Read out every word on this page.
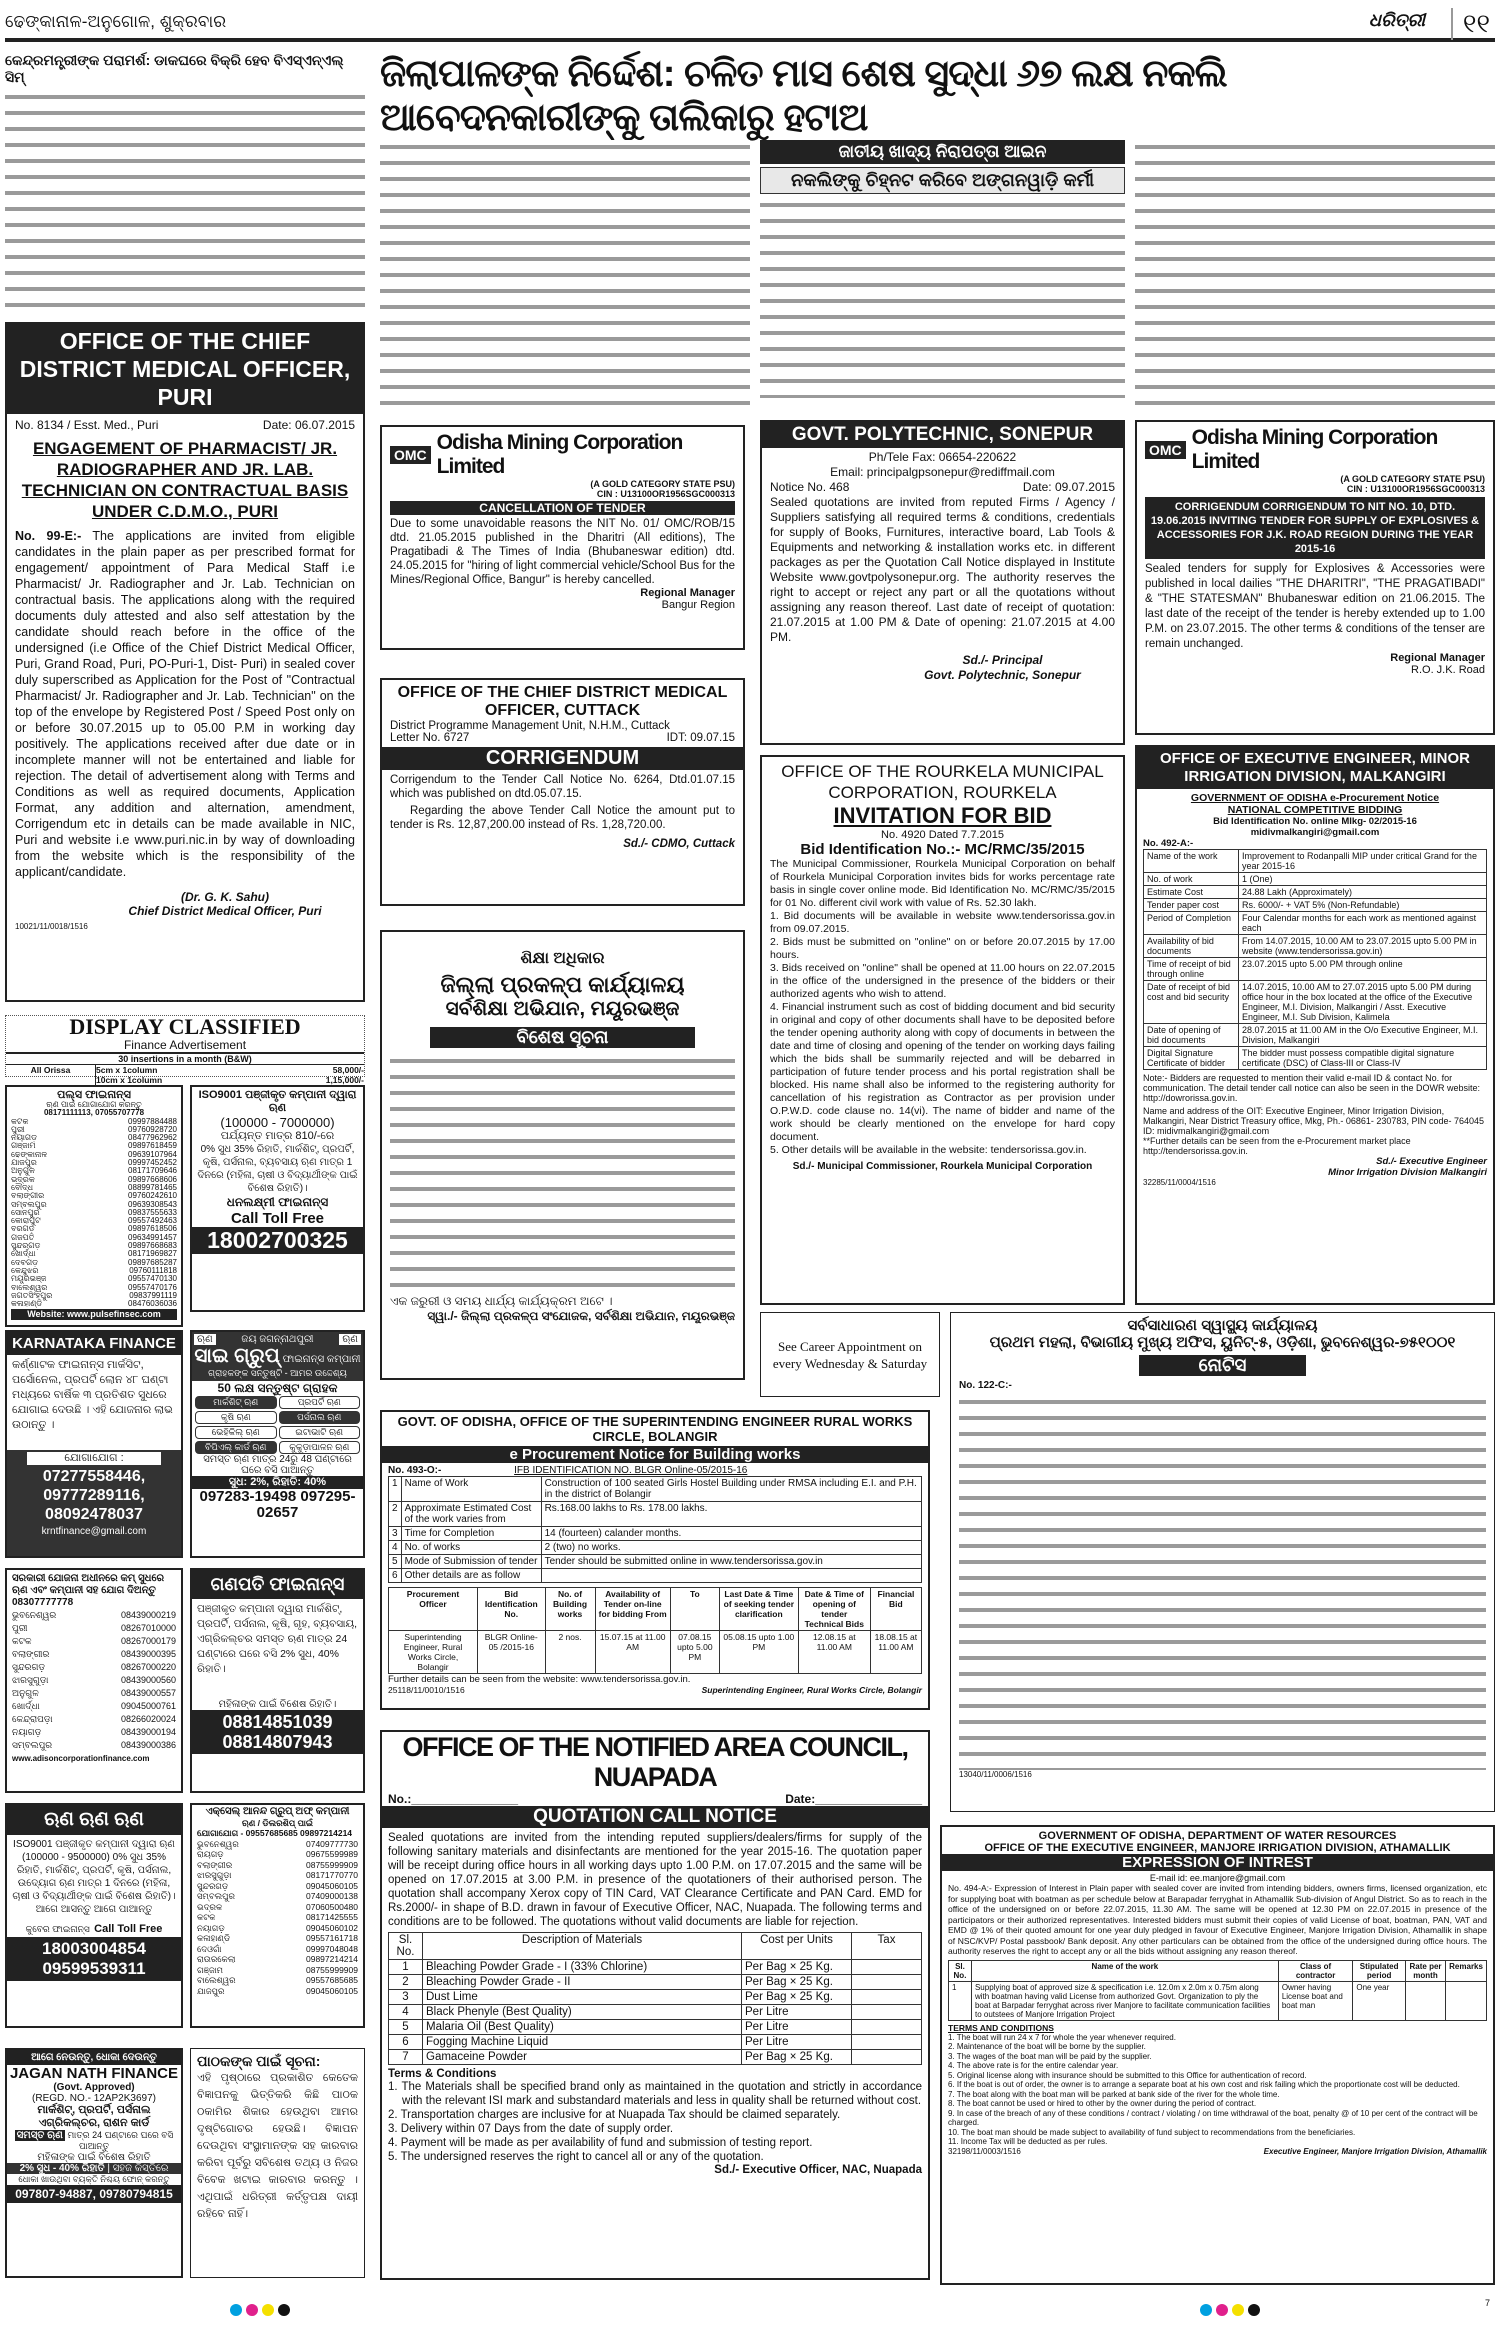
ଢେଙ୍କାନାଳ-ଅନୁଗୋଳ, ଶୁକ୍ରବାର	ଧରିତ୍ରୀ	୧୧
କେନ୍ଦ୍ରମନ୍ତ୍ରୀଙ୍କ ପରାମର୍ଶ: ଡାକଘରେ ବିକ୍ରି ହେବ ବିଏସ୍ଏନ୍ଏଲ୍ ସିମ୍	ଜିଲାପାଳଙ୍କ ନିର୍ଦ୍ଦେଶ: ଚଳିତ ମାସ ଶେଷ ସୁଦ୍ଧା ୬୭ ଲକ୍ଷ ନକଲି ଆବେଦନକାରୀଙ୍କୁ ତାଲିକାରୁ ହଟାଅ
ଜାତୀୟ ଖାଦ୍ୟ ନିରାପତ୍ତା ଆଇନ
ନକଲିଙ୍କୁ ଚିହ୍ନଟ କରିବେ ଅଙ୍ଗନୱାଡ଼ି କର୍ମୀ
OFFICE OF THE CHIEF DISTRICT MEDICAL OFFICER, PURI
No. 8134 / Esst. Med., Puri	Date: 06.07.2015
ENGAGEMENT OF PHARMACIST/ JR. RADIOGRAPHER AND JR. LAB. TECHNICIAN ON CONTRACTUAL BASIS UNDER C.D.M.O., PURI
No. 99-E:- The applications are invited from eligible candidates in the plain paper as per prescribed format for engagement/ appointment of Para Medical Staff i.e Pharmacist/ Jr. Radiographer and Jr. Lab. Technician on contractual basis. The applications along with the required documents duly attested and also self attestation by the candidate should reach before in the office of the undersigned (i.e Office of the Chief District Medical Officer, Puri, Grand Road, Puri, PO-Puri-1, Dist- Puri) in sealed cover duly superscribed as Application for the Post of "Contractual Pharmacist/ Jr. Radiographer and Jr. Lab. Technician" on the top of the envelope by Registered Post / Speed Post only on or before 30.07.2015 up to 05.00 P.M in working day positively. The applications received after due date or in incomplete manner will not be entertained and liable for rejection. The detail of advertisement along with Terms and Conditions as well as required documents, Application Format, any addition and alternation, amendment, Corrigendum etc in details can be made available in NIC, Puri and website i.e www.puri.nic.in by way of downloading from the website which is the responsibility of the applicant/candidate.
(Dr. G. K. Sahu)
Chief District Medical Officer, Puri
10021/11/0018/1516
OMC
Odisha Mining Corporation Limited
(A GOLD CATEGORY STATE PSU)
CIN : U13100OR1956SGC000313
CANCELLATION OF TENDER
Due to some unavoidable reasons the NIT No. 01/ OMC/ROB/15 dtd. 21.05.2015 published in the Dharitri (All editions), The Pragatibadi & The Times of India (Bhubaneswar edition) dtd. 24.05.2015 for "hiring of light commercial vehicle/School Bus for the Mines/Regional Office, Bangur" is hereby cancelled.
Regional Manager
Bangur Region
OFFICE OF THE CHIEF DISTRICT MEDICAL OFFICER, CUTTACK
District Programme Management Unit, N.H.M., Cuttack
Letter No. 6727	IDT: 09.07.15
CORRIGENDUM
Corrigendum to the Tender Call Notice No. 6264, Dtd.01.07.15 which was published on dtd.05.07.15.
Regarding the above Tender Call Notice the amount put to tender is Rs. 12,87,200.00 instead of Rs. 1,28,720.00.
Sd./- CDMO, Cuttack
ଶିକ୍ଷା ଅଧିକାର
ଜିଲ୍ଲା ପ୍ରକଳ୍ପ କାର୍ଯ୍ୟାଳୟ
ସର୍ବଶିକ୍ଷା ଅଭିଯାନ, ମୟୂରଭଞ୍ଜ
ବିଶେଷ ସୂଚନା
ଏକ ଜରୁରୀ ଓ ସମୟ ଧାର୍ଯ୍ୟ କାର୍ଯ୍ୟକ୍ରମ ଅଟେ ।
ସ୍ୱା./- ଜିଲ୍ଲା ପ୍ରକଳ୍ପ ସଂଯୋଜକ, ସର୍ବଶିକ୍ଷା ଅଭିଯାନ, ମୟୂରଭଞ୍ଜ
GOVT. POLYTECHNIC, SONEPUR
Ph/Tele Fax: 06654-220622
Email: principalgpsonepur@rediffmail.com
Notice No. 468	Date: 09.07.2015
Sealed quotations are invited from reputed Firms / Agency / Suppliers satisfying all required terms & conditions, credentials for supply of Books, Furnitures, interactive board, Lab Tools & Equipments and networking & installation works etc. in different packages as per the Quotation Call Notice displayed in Institute Website www.govtpolysonepur.org. The authority reserves the right to accept or reject any part or all the quotations without assigning any reason thereof. Last date of receipt of quotation: 21.07.2015 at 1.00 PM & Date of opening: 21.07.2015 at 4.00 PM.
Sd./- Principal
Govt. Polytechnic, Sonepur
OMC
Odisha Mining Corporation Limited
(A GOLD CATEGORY STATE PSU)
CIN : U13100OR1956SGC000313
CORRIGENDUM CORRIGENDUM TO NIT NO. 10, DTD. 19.06.2015 INVITING TENDER FOR SUPPLY OF EXPLOSIVES & ACCESSORIES FOR J.K. ROAD REGION DURING THE YEAR 2015-16
Sealed tenders for supply for Explosives & Accessories were published in local dailies "THE DHARITRI", "THE PRAGATIBADI" & "THE STATESMAN" Bhubaneswar edition on 21.06.2015. The last date of the receipt of the tender is hereby extended up to 1.00 P.M. on 23.07.2015. The other terms & conditions of the tenser are remain unchanged.
Regional Manager
R.O. J.K. Road
OFFICE OF THE ROURKELA MUNICIPAL CORPORATION, ROURKELA
INVITATION FOR BID
No. 4920 Dated 7.7.2015
Bid Identification No.:- MC/RMC/35/2015
The Municipal Commissioner, Rourkela Municipal Corporation on behalf of Rourkela Municipal Corporation invites bids for works percentage rate basis in single cover online mode. Bid Identification No. MC/RMC/35/2015 for 01 No. different civil work with value of Rs. 52.30 lakh.
1. Bid documents will be available in website www.tendersorissa.gov.in from 09.07.2015.
2. Bids must be submitted on "online" on or before 20.07.2015 by 17.00 hours.
3. Bids received on "online" shall be opened at 11.00 hours on 22.07.2015 in the office of the undersigned in the presence of the bidders or their authorized agents who wish to attend.
4. Financial instrument such as cost of bidding document and bid security in original and copy of other documents shall have to be deposited before the tender opening authority along with copy of documents in between the date and time of closing and opening of the tender on working days failing which the bids shall be summarily rejected and will be debarred in participation of future tender process and his portal registration shall be blocked. His name shall also be informed to the registering authority for cancellation of his registration as Contractor as per provision under O.P.W.D. code clause no. 14(vi). The name of bidder and name of the work should be clearly mentioned on the envelope for hard copy document.
5. Other details will be available in the website: tendersorissa.gov.in.
Sd./- Municipal Commissioner, Rourkela Municipal Corporation
OFFICE OF EXECUTIVE ENGINEER, MINOR IRRIGATION DIVISION, MALKANGIRI
GOVERNMENT OF ODISHA e-Procurement Notice
NATIONAL COMPETITIVE BIDDING
Bid Identification No. online Mlkg- 02/2015-16
midivmalkangiri@gmail.com
No. 492-A:-
Name of the work	Improvement to Rodanpalli MIP under critical Grand for the year 2015-16
No. of work	1 (One)
Estimate Cost	24.88 Lakh (Approximately)
Tender paper cost	Rs. 6000/- + VAT 5% (Non-Refundable)
Period of Completion	Four Calendar months for each work as mentioned against each
Availability of bid documents	From 14.07.2015, 10.00 AM to 23.07.2015 upto 5.00 PM in website (www.tendersorissa.gov.in)
Time of receipt of bid through online	23.07.2015 upto 5.00 PM through online
Date of receipt of bid cost and bid security	14.07.2015, 10.00 AM to 27.07.2015 upto 5.00 PM during office hour in the box located at the office of the Executive Engineer, M.I. Division, Malkangiri / Asst. Executive Engineer, M.I. Sub Division, Kalimela
Date of opening of bid documents	28.07.2015 at 11.00 AM in the O/o Executive Engineer, M.I. Division, Malkangiri
Digital Signature Certificate of bidder	The bidder must possess compatible digital signature certificate (DSC) of Class-III or Class-IV
Note:- Bidders are requested to mention their valid e-mail ID & contact No. for communication. The detail tender call notice can also be seen in the DOWR website: http://dowrorissa.gov.in.
Name and address of the OIT: Executive Engineer, Minor Irrigation Division, Malkangiri, Near District Treasury office, Mkg, Ph.- 06861- 230783, PIN code- 764045 ID: midivmalkangiri@gmail.com
**Further details can be seen from the e-Procurement market place http://tendersorissa.gov.in.
Sd./- Executive Engineer
Minor Irrigation Division Malkangiri
32285/11/0004/1516
DISPLAY CLASSIFIED
Finance Advertisement
30 insertions in a month (B&W)
All Orissa	5cm x 1column	58,000/-
10cm x 1column	1,15,000/-
ପଲ୍‌ସ ଫାଇନାନ୍ସ
ଋଣ ପାଇଁ ଯୋଗାଯୋଗ କରନ୍ତୁ
08171111113, 07055707778
କଟକ	09997884488
ପୁରୀ	09760928720
ନୟାଗଡ଼	08477962962
ଗଞ୍ଜାମ	09897618459
ଢେଙ୍କାନାଳ	09639107964
ଯାଜପୁର	09997452452
ଅନୁଗୁଳ	08171709646
ଭଦ୍ରକ	09897668606
ବୌଦ୍ଧ	08899781465
ବଲାଙ୍ଗୀର	09760242610
ସମ୍ବଲପୁର	09639308543
ସୋନପୁର	09837555633
କୋରାପୁଟ	09557492463
ବରଗଡ଼	09897618506
ଗଜପତି	09634991457
ସୁନ୍ଦରଗଡ଼	09897668683
ଖୋର୍ଦ୍ଧା	08171969827
ଦେବଗଡ଼	09897685287
କେନ୍ଦୁଝର	09760111818
ମୟୂରଭଞ୍ଜ	09557470130
ବାଲେଶ୍ୱର	09557470176
ଜଗତସିଂହପୁର	09837991119
କଳାହାଣ୍ଡି	08476036036
Website: www.pulsefinsec.com
ISO9001 ପଞ୍ଜୀକୃତ କମ୍ପାନୀ ଦ୍ୱାରା ଋଣ
(100000 - 7000000)
ପର୍ଯ୍ୟନ୍ତ ମାତ୍ର 810/-ରେ
0% ସୁଧ 35% ରିହାତି, ମାର୍କଶିଟ୍, ପ୍ରପର୍ଟି, କୃଷି, ପର୍ସନାଲ, ବ୍ୟବସାୟ ଋଣ ମାତ୍ର 1 ଦିନରେ (ମହିଳା, ଚାଷୀ ଓ ବିଦ୍ୟାର୍ଥୀଙ୍କ ପାଇଁ ବିଶେଷ ରିହାତି)।
ଧନଲକ୍ଷ୍ମୀ ଫାଇନାନ୍ସ
Call Toll Free
18002700325
KARNATAKA FINANCE
କର୍ଣ୍ଣାଟକ ଫାଇନାନ୍ସ ମାର୍କସିଟ, ପର୍ସୋନେଲ, ପ୍ରପର୍ଟି ଲୋନ ୪୮ ଘଣ୍ଟା ମଧ୍ୟରେ ବାର୍ଷିକ ୩ ପ୍ରତିଶତ ସୁଧରେ ଯୋଗାଇ ଦେଉଛି । ଏହି ଯୋଜନାର ଲାଭ ଉଠାନ୍ତୁ ।
ଯୋଗାଯୋଗ :
07277558446, 09777289116, 08092478037
krntfinance@gmail.com
ଋଣ	ଜୟ ଜଗନ୍ନାଥପୁରୀ	ଋଣ
ସାଇ ଗ୍ରୁପ୍ ଫାଇନାନ୍ସ କମ୍ପାନୀ
ଗ୍ରାହକଙ୍କ ସନ୍ତୁଷ୍ଟି - ଆମର ଉଦ୍ଦେଶ୍ୟ
50 ଲକ୍ଷ ସନ୍ତୁଷ୍ଟ ଗ୍ରାହକ
ମାର୍କଶିଟ୍ ଋଣ	ପ୍ରପର୍ଟି ଋଣ
କୃଷି ଋଣ	ପର୍ସନାଲ ଋଣ
ଭେହିକିଲ୍ ଋଣ	ଇଟାଭାଟି ଋଣ
ବିପିଏଲ୍ କାର୍ଡ ଋଣ	କୁକୁଡ଼ାପାଳନ ଋଣ
ସମସ୍ତ ଋଣ ମାତ୍ର 24ରୁ 48 ଘଣ୍ଟାରେ ଘରେ ବସି ପାଆନ୍ତୁ
ସୁଧ: 2%, ରିହାତି: 40%
097283-19498 097295-02657
ସରକାରୀ ଯୋଜନା ଅଧୀନରେ କମ୍ ସୁଧରେ ଋଣ ଏବଂ କମ୍ପାନୀ ସହ ଯୋଗ ଦିଅନ୍ତୁ 08307777778
ଭୁବନେଶ୍ୱର	08439000219
ପୁରୀ	08267010000
କଟକ	08267000179
ବଲାଙ୍ଗୀର	08439000395
ସୁନ୍ଦରଗଡ଼	08267000220
ଝାରସୁଗୁଡ଼ା	08439000560
ଅନୁଗୁଳ	08439000557
ଖୋର୍ଦ୍ଧା	09045000761
କେନ୍ଦ୍ରାପଡ଼ା	08266020024
ନୟାଗଡ଼	08439000194
ସମ୍ବଲପୁର	08439000386
www.adisoncorporationfinance.com
ଗଣପତି ଫାଇନାନ୍ସ
ପଞ୍ଜୀକୃତ କମ୍ପାନୀ ଦ୍ୱାରା ମାର୍କଶିଟ୍, ପ୍ରପର୍ଟି, ପର୍ସନାଲ, କୃଷି, ଗୃହ, ବ୍ୟବସାୟ, ଏଗ୍ରିକଲ୍ଚର ସମସ୍ତ ଋଣ ମାତ୍ର 24 ଘଣ୍ଟାରେ ଘରେ ବସି 2% ସୁଧ, 40% ରିହାତି।
ମହିଳାଙ୍କ ପାଇଁ ବିଶେଷ ରିହାତି।
08814851039 08814807943
ଋଣ ଋଣ ଋଣ
ISO9001 ପଞ୍ଜୀକୃତ କମ୍ପାନୀ ଦ୍ୱାରା ଋଣ (100000 - 9500000) 0% ସୁଧ 35% ରିହାତି, ମାର୍କଶିଟ୍, ପ୍ରପର୍ଟି, କୃଷି, ପର୍ସନାଲ, ଉଦ୍ୟୋଗ ଋଣ ମାତ୍ର 1 ଦିନରେ (ମହିଳା, ଚାଷୀ ଓ ବିଦ୍ୟାର୍ଥୀଙ୍କ ପାଇଁ ବିଶେଷ ରିହାତି)। ଆଗେ ଆସନ୍ତୁ ଆଗେ ପାଆନ୍ତୁ
କୁବେର ଫାଇନାନ୍ସ Call Toll Free
18003004854 09599539311
ଏକ୍ସେଲ୍ ଆନନ୍ଦ ଗ୍ରୁପ୍ ଅଫ୍ କମ୍ପାନୀ
ଋଣ / ଡିଲରଶିପ୍ ପାଇଁ
ଯୋଗାଯୋଗ - 09557685685 09897214214
ଭୁବନେଶ୍ୱର	07409777730
ରାୟଗଡ଼	09675599989
ବଲାଙ୍ଗୀର	08755999909
ଝାରସୁଗୁଡ଼ା	08171770770
ସୁନ୍ଦରଗଡ଼	09045060105
ସମ୍ବଲପୁର	07409000138
ଭଦ୍ରକ	07060500480
କଟକ	08171425555
ନୟାଗଡ଼	09045060102
କଳାହାଣ୍ଡି	09557161718
ଦେଓଗାଁ	09997048048
ରାଉରକେଲା	09897214214
ଗଞ୍ଜାମ	08755999909
ବାଲେଶ୍ୱର	09557685685
ଯାଜପୁର	09045060105
ଆଗେ ନେଉନ୍ତୁ, ଧୋକା ଦେଉନ୍ତୁ
JAGAN NATH FINANCE
(Govt. Approved)
(REGD. NO.- 12AP2K3697)
ମାର୍କଶିଟ୍, ପ୍ରପର୍ଟି, ପର୍ସନାଲ ଏଗ୍ରିକଲ୍ଚର, ରାଶନ କାର୍ଡ
ସମସ୍ତ ଋଣ ମାତ୍ର 24 ଘଣ୍ଟାରେ ଘରେ ବସି ପାଆନ୍ତୁ
ମହିଳାଙ୍କ ପାଇଁ ବିଶେଷ ରିହାତି
2% ସୁଧ - 40% ରିହାତି | ସହଜ କିସ୍ତିରେ
ଧୋକା ଖାଉଥିବା ବ୍ୟକ୍ତି ନିଶ୍ଚୟ ଫୋନ୍ କରନ୍ତୁ
097807-94887, 09780794815
ପାଠକଙ୍କ ପାଇଁ ସୂଚନା:
ଏହି ପୃଷ୍ଠାରେ ପ୍ରକାଶିତ କେତେକ ବିଜ୍ଞାପନକୁ ଭିତ୍ତିକରି କିଛି ପାଠକ ଠକାମିର ଶିକାର ହେଉଥିବା ଆମର ଦୃଷ୍ଟିଗୋଚର ହେଉଛି। ବିଜ୍ଞାପନ ଦେଉଥିବା ସଂସ୍ଥାମାନଙ୍କ ସହ କାରବାର କରିବା ପୂର୍ବରୁ ସବିଶେଷ ତଥ୍ୟ ଓ ନିଜର ବିବେକ ଖଟାଇ କାରବାର କରନ୍ତୁ । ଏଥିପାଇଁ ଧରିତ୍ରୀ କର୍ତ୍ତୃପକ୍ଷ ଦାୟୀ ରହିବେ ନାହିଁ।
See Career Appointment on every Wednesday & Saturday
ସର୍ବସାଧାରଣ ସ୍ୱାସ୍ଥ୍ୟ କାର୍ଯ୍ୟାଳୟ
ପ୍ରଥମ ମହଲା, ବିଭାଗୀୟ ମୁଖ୍ୟ ଅଫିସ, ୟୁନିଟ୍-୫, ଓଡ଼ିଶା, ଭୁବନେଶ୍ୱର-୭୫୧୦୦୧
ନୋଟିସ
No. 122-C:-
13040/11/0006/1516
GOVT. OF ODISHA, OFFICE OF THE SUPERINTENDING ENGINEER RURAL WORKS CIRCLE, BOLANGIR
e Procurement Notice for Building works
No. 493-O:-	IFB IDENTIFICATION NO. BLGR Online-05/2015-16
1	Name of Work	Construction of 100 seated Girls Hostel Building under RMSA including E.I. and P.H. in the district of Bolangir
2	Approximate Estimated Cost of the work varies from	Rs.168.00 lakhs to Rs. 178.00 lakhs.
3	Time for Completion	14 (fourteen) calander months.
4	No. of works	2 (two) no works.
5	Mode of Submission of tender	Tender should be submitted online in www.tendersorissa.gov.in
6	Other details are as follow	
Procurement Officer	Bid Identification No.	No. of Building works	Availability of Tender on-line for bidding From	To	Last Date & Time of seeking tender clarification	Date & Time of opening of tender Technical Bids	Financial Bid
Superintending Engineer, Rural Works Circle, Bolangir	BLGR Online-05 /2015-16	2 nos.	15.07.15 at 11.00 AM	07.08.15 upto 5.00 PM	05.08.15 upto 1.00 PM	12.08.15 at 11.00 AM	18.08.15 at 11.00 AM
Further details can be seen from the website: www.tendersorissa.gov.in.
25118/11/0010/1516	Superintending Engineer, Rural Works Circle, Bolangir
OFFICE OF THE NOTIFIED AREA COUNCIL, NUAPADA
No.:________________	Date:________________
QUOTATION CALL NOTICE
Sealed quotations are invited from the intending reputed suppliers/dealers/firms for supply of the following sanitary materials and disinfectants are mentioned for the year 2015-16. The quotation paper will be receipt during office hours in all working days upto 1.00 P.M. on 17.07.2015 and the same will be opened on 17.07.2015 at 3.00 P.M. in presence of the quotationers of their authorised person. The quotation shall accompany Xerox copy of TIN Card, VAT Clearance Certificate and PAN Card. EMD for Rs.2000/- in shape of B.D. drawn in favour of Executive Officer, NAC, Nuapada. The following terms and conditions are to be followed. The quotations without valid documents are liable for rejection.
Sl. No.	Description of Materials	Cost per Units	Tax
1	Bleaching Powder Grade - I (33% Chlorine)	Per Bag × 25 Kg.	
2	Bleaching Powder Grade - II	Per Bag × 25 Kg.	
3	Dust Lime	Per Bag × 25 Kg.	
4	Black Phenyle (Best Quality)	Per Litre	
5	Malaria Oil (Best Quality)	Per Litre	
6	Fogging Machine Liquid	Per Litre	
7	Gamaceine Powder	Per Bag × 25 Kg.	
Terms & Conditions
1. The Materials shall be specified brand only as maintained in the quotation and strictly in accordance with the relevant ISI mark and substandard materials and less in quality shall be returned without cost.
2. Transportation charges are inclusive for at Nuapada Tax should be claimed separately.
3. Delivery within 07 Days from the date of supply order.
4. Payment will be made as per availability of fund and submission of testing report.
5. The undersigned reserves the right to cancel all or any of the quotation.
Sd./- Executive Officer, NAC, Nuapada
GOVERNMENT OF ODISHA, DEPARTMENT OF WATER RESOURCES
OFFICE OF THE EXECUTIVE ENGINEER, MANJORE IRRIGATION DIVISION, ATHAMALLIK
EXPRESSION OF INTREST
E-mail id: ee.manjore@gmail.com
No. 494-A:- Expression of Interest in Plain paper with sealed cover are invited from intending bidders, owners firms, licensed organization, etc for supplying boat with boatman as per schedule below at Barapadar ferryghat in Athamallik Sub-division of Angul District. So as to reach in the office of the undersigned on or before 22.07.2015, 11.30 AM. The same will be opened at 12.30 PM on 22.07.2015 in presence of the participators or their authorized representatives. Interested bidders must submit their copies of valid License of boat, boatman, PAN, VAT and EMD @ 1% of their quoted amount for one year duly pledged in favour of Executive Engineer, Manjore Irrigation Division, Athamallik in shape of NSC/KVP/ Postal passbook/ Bank deposit. Any other particulars can be obtained from the office of the undersigned during office hours. The authority reserves the right to accept any or all the bids without assigning any reason thereof.
Sl. No.	Name of the work	Class of contractor	Stipulated period	Rate per month	Remarks
1	Supplying boat of approved size & specification i.e. 12.0m x 2.0m x 0.75m along with boatman having valid License from authorized Govt. Organization to ply the boat at Barpadar ferryghat across river Manjore to facilitate communication facilities to outstees of Manjore Irrigation Project	Owner having License boat and boat man	One year		
TERMS AND CONDITIONS
1. The boat will run 24 x 7 for whole the year whenever required.
2. Maintenance of the boat will be borne by the supplier.
3. The wages of the boat man will be paid by the supplier.
4. The above rate is for the entire calendar year.
5. Original license along with insurance should be submitted to this Office for authentication of record.
6. If the boat is out of order, the owner is to arrange a separate boat at his own cost and risk failing which the proportionate cost will be deducted.
7. The boat along with the boat man will be parked at bank side of the river for the whole time.
8. The boat cannot be used or hired to other by the owner during the period of contract.
9. In case of the breach of any of these conditions / contract / violating / on time withdrawal of the boat, penalty @ of 10 per cent of the contract will be charged.
10. The boat man should be made subject to availability of fund subject to recommendations from the beneficiaries.
11. Income Tax will be deducted as per rules.
32198/11/0003/1516	Executive Engineer, Manjore Irrigation Division, Athamallik
7
